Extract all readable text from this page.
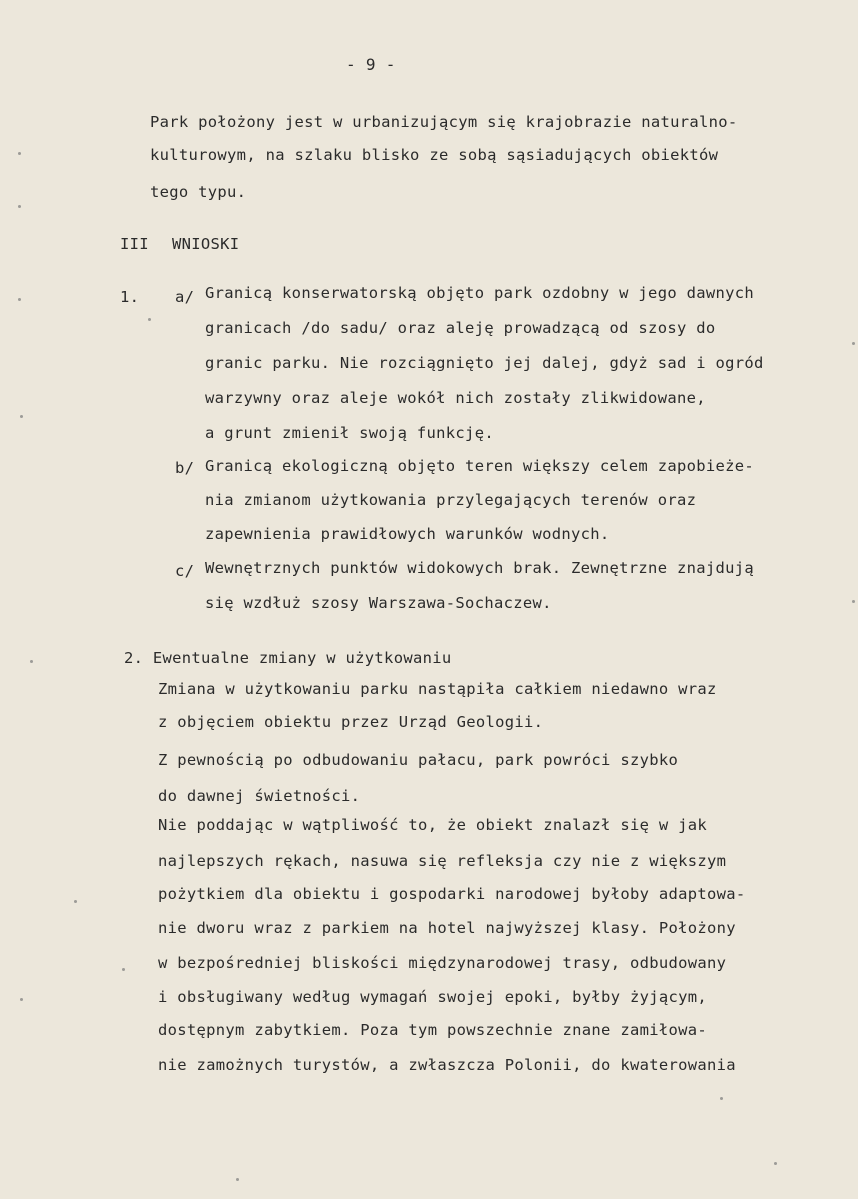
- 9 -
Park położony jest w urbanizującym się krajobrazie naturalno-
kulturowym, na szlaku blisko ze sobą sąsiadujących obiektów
tego typu.
III WNIOSKI
1. a/ Granicą konserwatorską objęto park ozdobny w jego dawnych
granicach /do sadu/ oraz aleję prowadzącą od szosy do
granic parku. Nie rozciągnięto jej dalej, gdyż sad i ogród
warzywny oraz aleje wokół nich zostały zlikwidowane,
a grunt zmienił swoją funkcję.
b/ Granicą ekologiczną objęto teren większy celem zapobieże-
nia zmianom użytkowania przylegających terenów oraz
zapewnienia prawidłowych warunków wodnych.
c/ Wewnętrznych punktów widokowych brak. Zewnętrzne znajdują
się wzdłuż szosy Warszawa-Sochaczew.
2. Ewentualne zmiany w użytkowaniu
Zmiana w użytkowaniu parku nastąpiła całkiem niedawno wraz
z objęciem obiektu przez Urząd Geologii.
Z pewnością po odbudowaniu pałacu, park powróci szybko
do dawnej świetności.
Nie poddając w wątpliwość to, że obiekt znalazł się w jak
najlepszych rękach, nasuwa się refleksja czy nie z większym
pożytkiem dla obiektu i gospodarki narodowej byłoby adaptowa-
nie dworu wraz z parkiem na hotel najwyższej klasy. Położony
w bezpośredniej bliskości międzynarodowej trasy, odbudowany
i obsługiwany według wymagań swojej epoki, byłby żyjącym,
dostępnym zabytkiem. Poza tym powszechnie znane zamiłowa-
nie zamożnych turystów, a zwłaszcza Polonii, do kwaterowania
